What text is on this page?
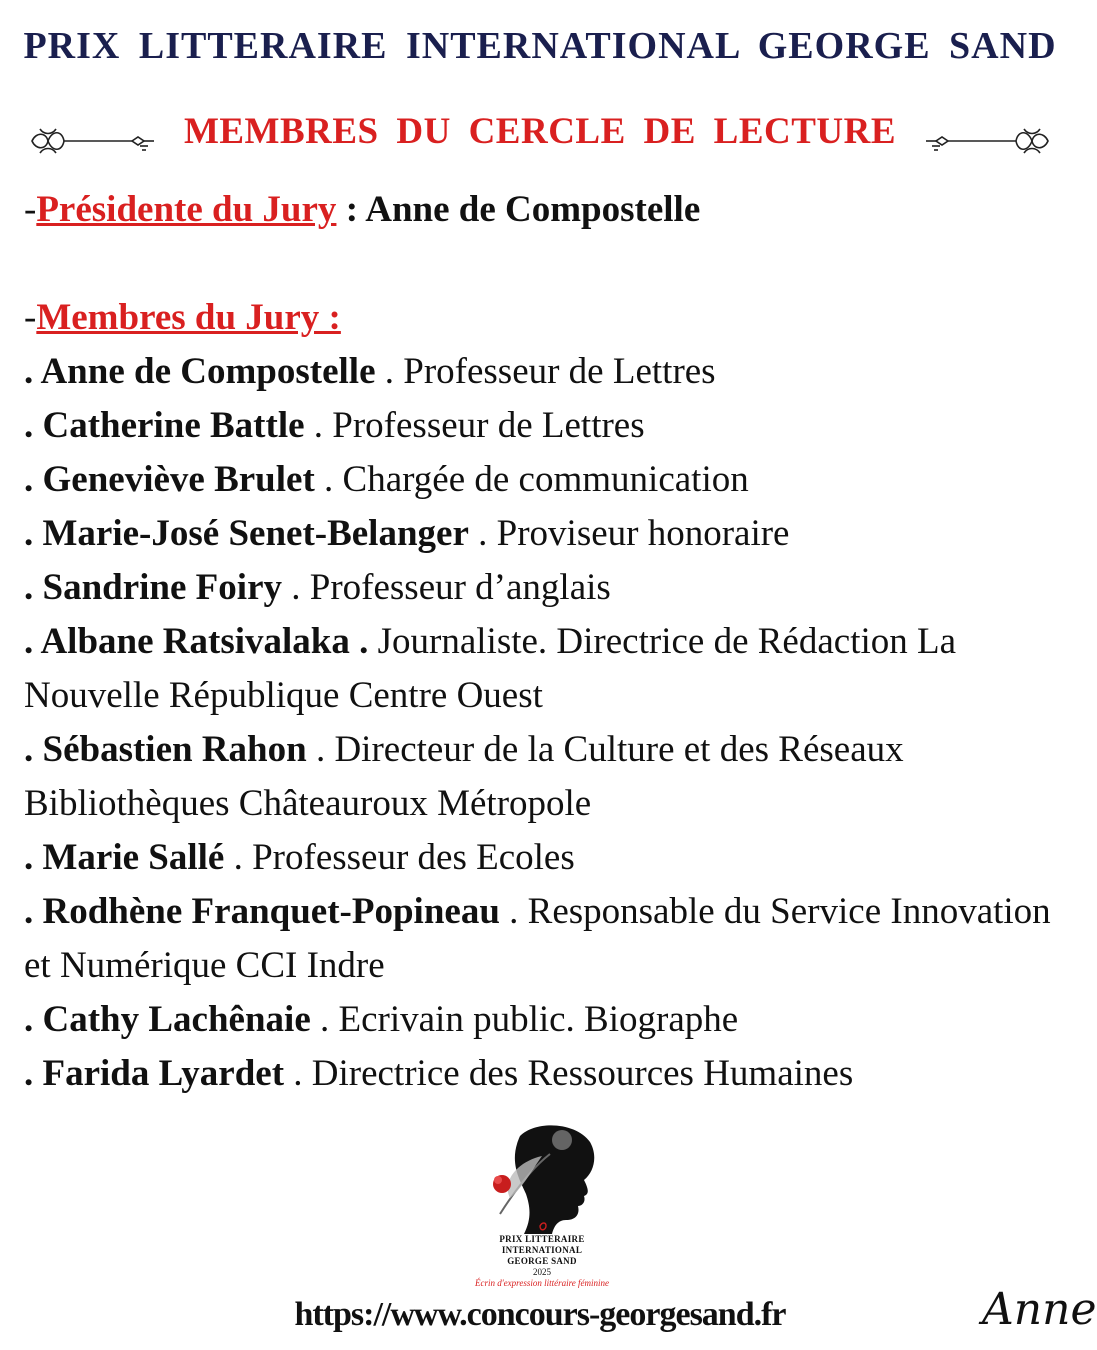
PRIX LITTERAIRE INTERNATIONAL GEORGE SAND
MEMBRES DU CERCLE DE LECTURE

-Présidente du Jury : Anne de Compostelle

-Membres du Jury :

. Anne de Compostelle . Professeur de Lettres

. Catherine Battle . Professeur de Lettres

. Geneviève Brulet . Chargée de communication

. Marie-José Senet-Belanger . Proviseur honoraire

. Sandrine Foiry . Professeur d’anglais

. Albane Ratsivalaka . Journaliste. Directrice de Rédaction La Nouvelle République Centre Ouest

. Sébastien Rahon . Directeur de la Culture et des Réseaux Bibliothèques Châteauroux Métropole

. Marie Sallé . Professeur des Ecoles

. Rodhène Franquet-Popineau . Responsable du Service Innovation et Numérique CCI Indre

. Cathy Lachênaie . Ecrivain public. Biographe

. Farida Lyardet . Directrice des Ressources Humaines

PRIX LITTERAIRE INTERNATIONAL
GEORGE SAND
2025
Écrin d'expression littéraire féminine
https://www.concours-georgesand.fr	Anne
